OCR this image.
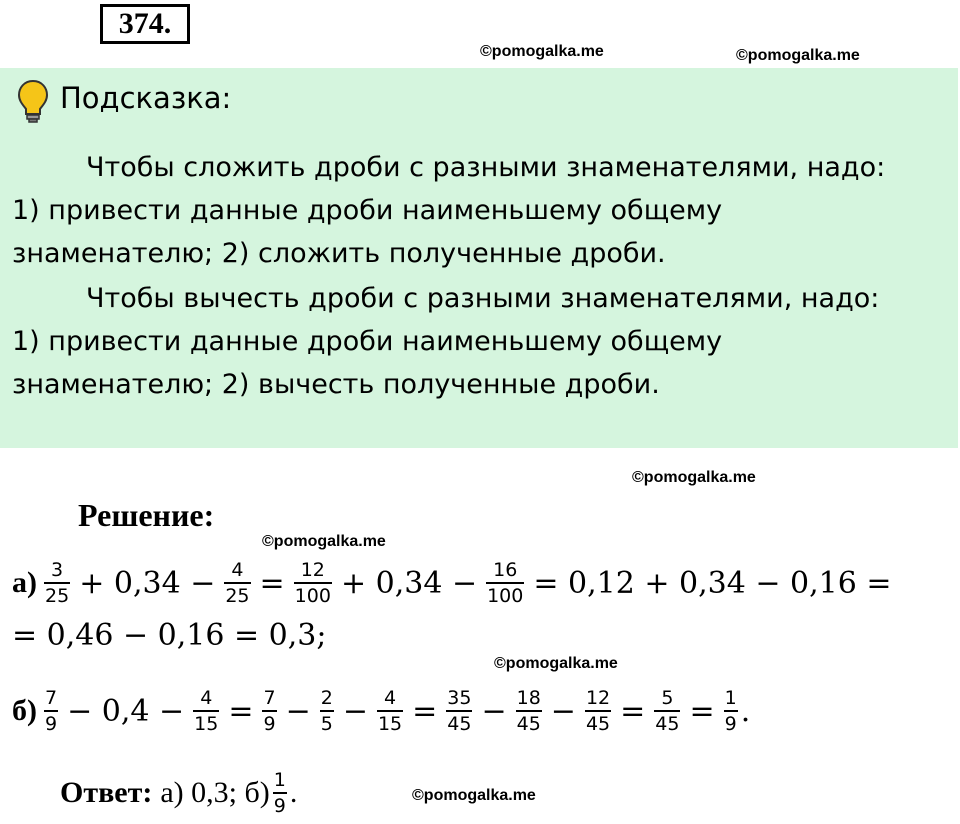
374.
©pomogalka.me	©pomogalka.me
Подсказка:
Чтобы сложить дроби с разными знаменателями, надо:
1) привести данные дроби наименьшему общему
знаменателю; 2) сложить полученные дроби.
Чтобы вычесть дроби с разными знаменателями, надо:
1) привести данные дроби наименьшему общему
знаменателю; 2) вычесть полученные дроби.
©pomogalka.me
Решение:
©pomogalka.me
$а) \frac{3}{25} + 0,34 - \frac{4}{25} = \frac{12}{100} + 0,34 - \frac{16}{100} = 0,12 + 0,34 - 0,16$ =
= 0,46 − 0,16 = 0,3;
©pomogalka.me
$б) \frac{7}{9} - 0,4 - \frac{4}{15} = \frac{7}{9} - \frac{2}{5} - \frac{4}{15} = \frac{35}{45} - \frac{18}{45} - \frac{12}{45} = \frac{5}{45} = \frac{1}{9}$ .
Ответ: а) 0,3; $б) \frac{1}{9}$ .	©pomogalka.me
